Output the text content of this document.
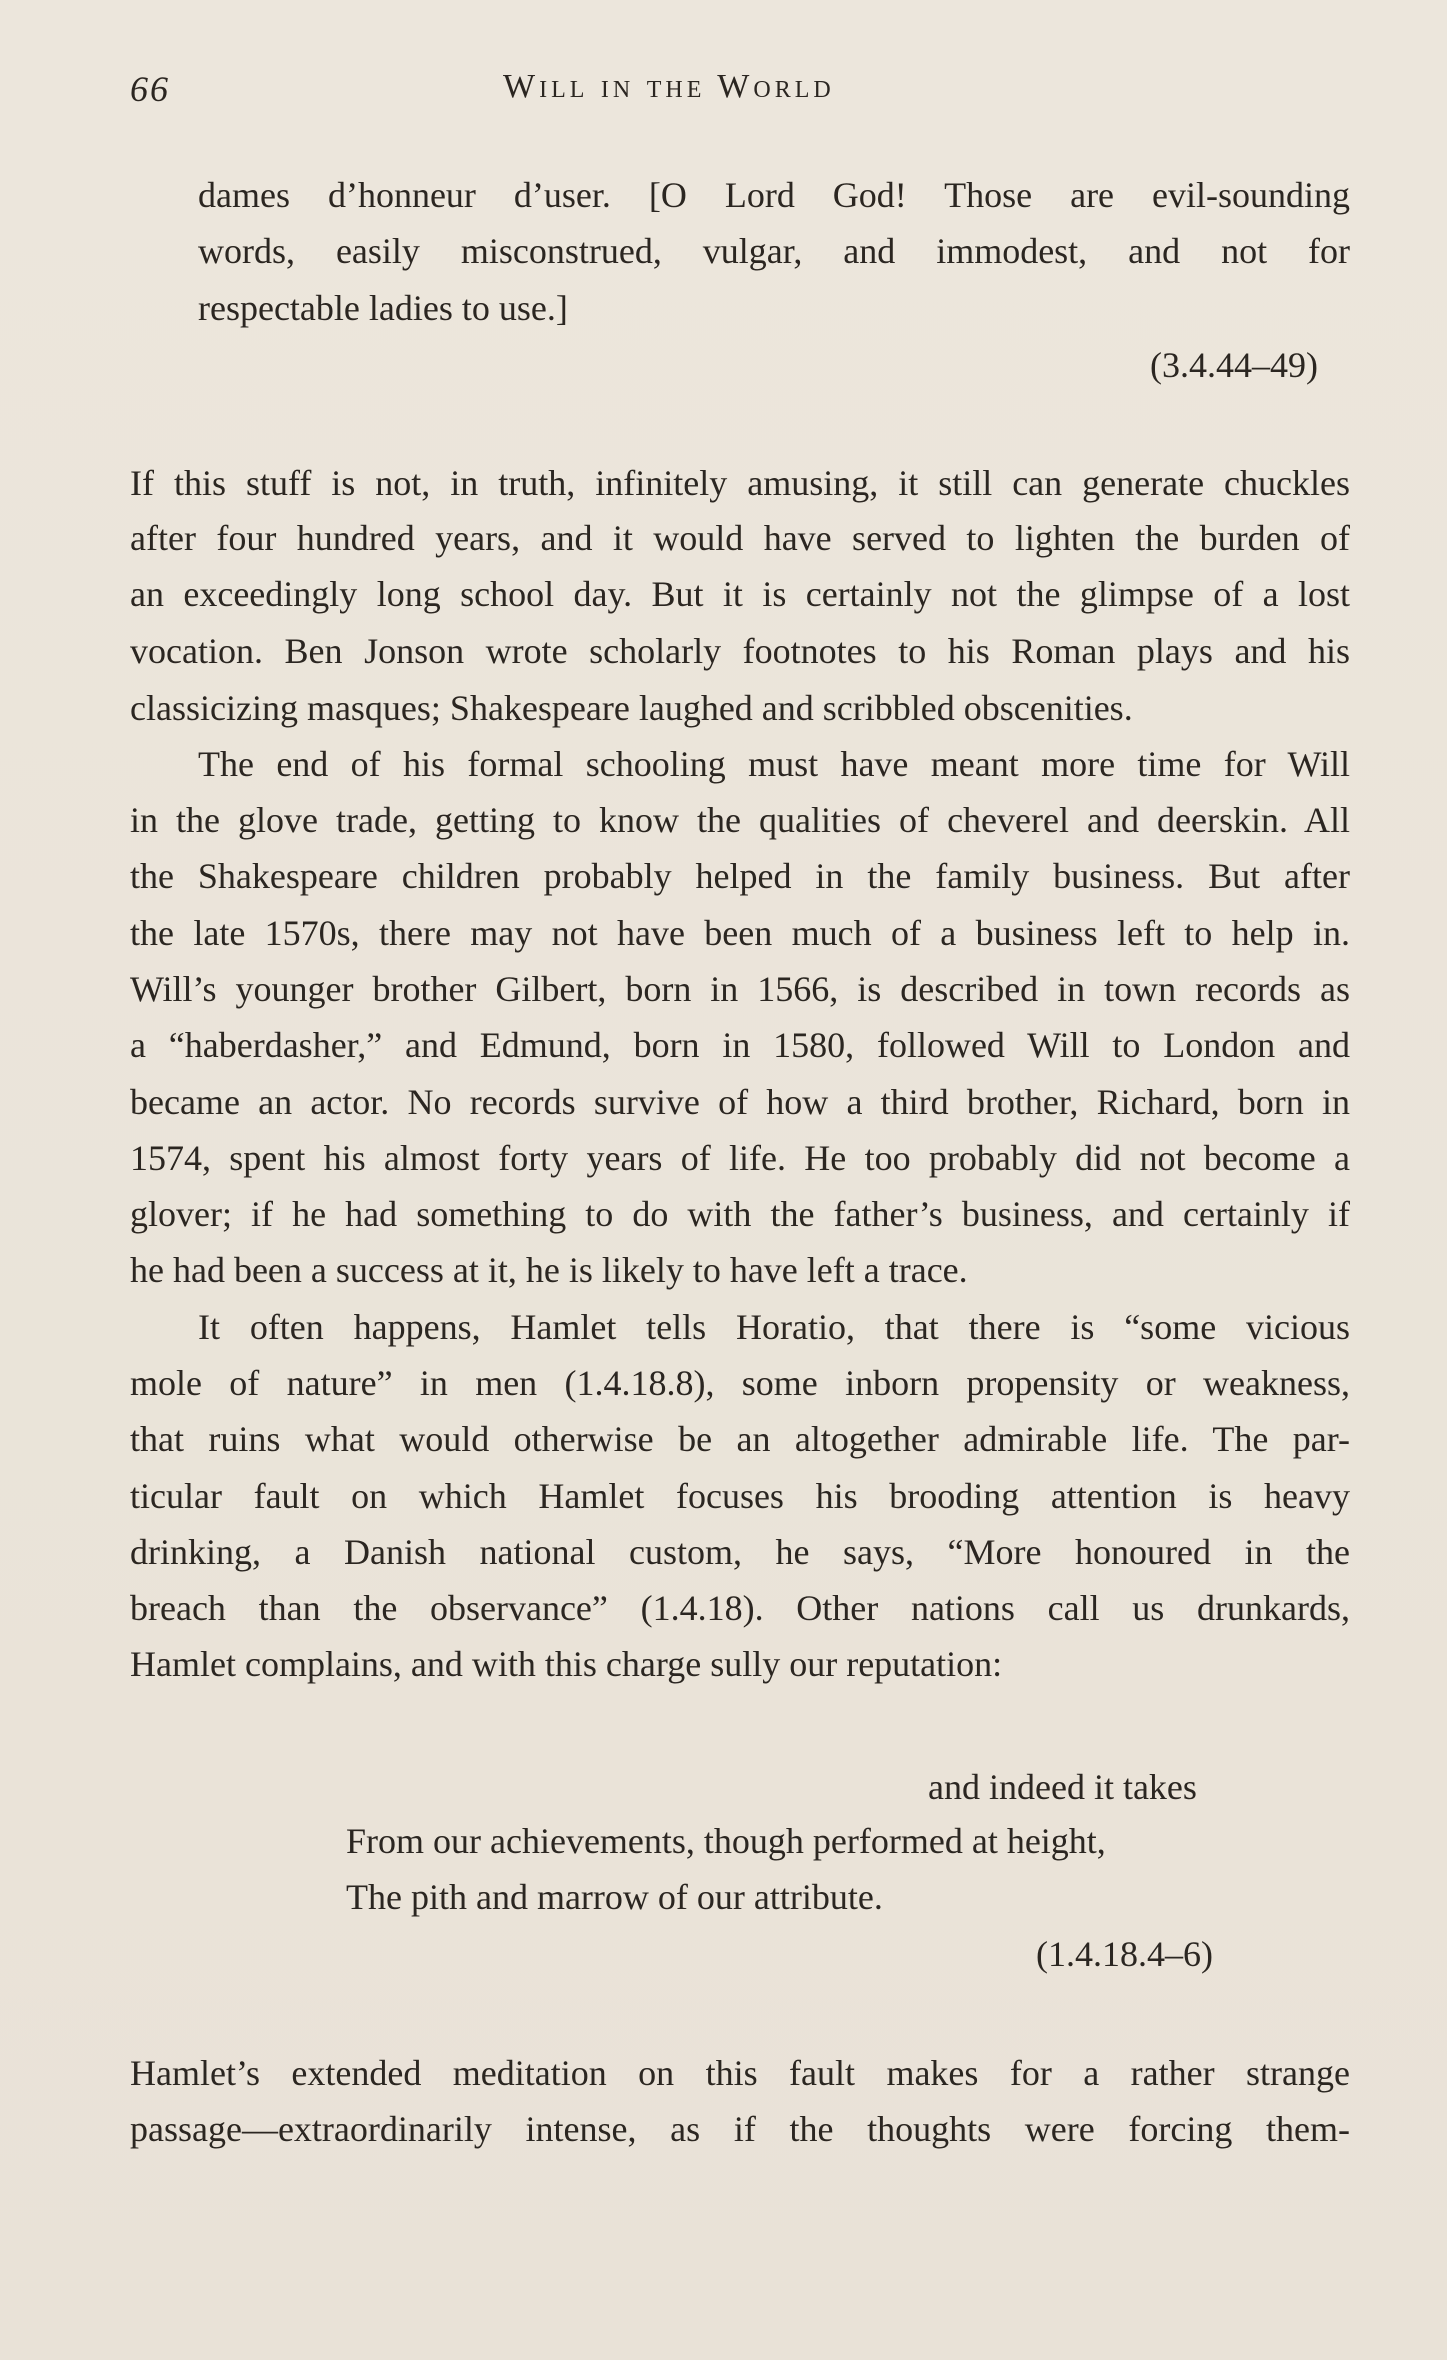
66	Will in the World
dames d’honneur d’user. [O Lord God! Those are evil-sounding
words, easily misconstrued, vulgar, and immodest, and not for
respectable ladies to use.]
(3.4.44–49)
If this stuff is not, in truth, infinitely amusing, it still can generate chuckles
after four hundred years, and it would have served to lighten the burden of
an exceedingly long school day. But it is certainly not the glimpse of a lost
vocation. Ben Jonson wrote scholarly footnotes to his Roman plays and his
classicizing masques; Shakespeare laughed and scribbled obscenities.
The end of his formal schooling must have meant more time for Will
in the glove trade, getting to know the qualities of cheverel and deerskin. All
the Shakespeare children probably helped in the family business. But after
the late 1570s, there may not have been much of a business left to help in.
Will’s younger brother Gilbert, born in 1566, is described in town records as
a “haberdasher,” and Edmund, born in 1580, followed Will to London and
became an actor. No records survive of how a third brother, Richard, born in
1574, spent his almost forty years of life. He too probably did not become a
glover; if he had something to do with the father’s business, and certainly if
he had been a success at it, he is likely to have left a trace.
It often happens, Hamlet tells Horatio, that there is “some vicious
mole of nature” in men (1.4.18.8), some inborn propensity or weakness,
that ruins what would otherwise be an altogether admirable life. The par-
ticular fault on which Hamlet focuses his brooding attention is heavy
drinking, a Danish national custom, he says, “More honoured in the
breach than the observance” (1.4.18). Other nations call us drunkards,
Hamlet complains, and with this charge sully our reputation:
and indeed it takes
From our achievements, though performed at height,
The pith and marrow of our attribute.
(1.4.18.4–6)
Hamlet’s extended meditation on this fault makes for a rather strange
passage—extraordinarily intense, as if the thoughts were forcing them-
